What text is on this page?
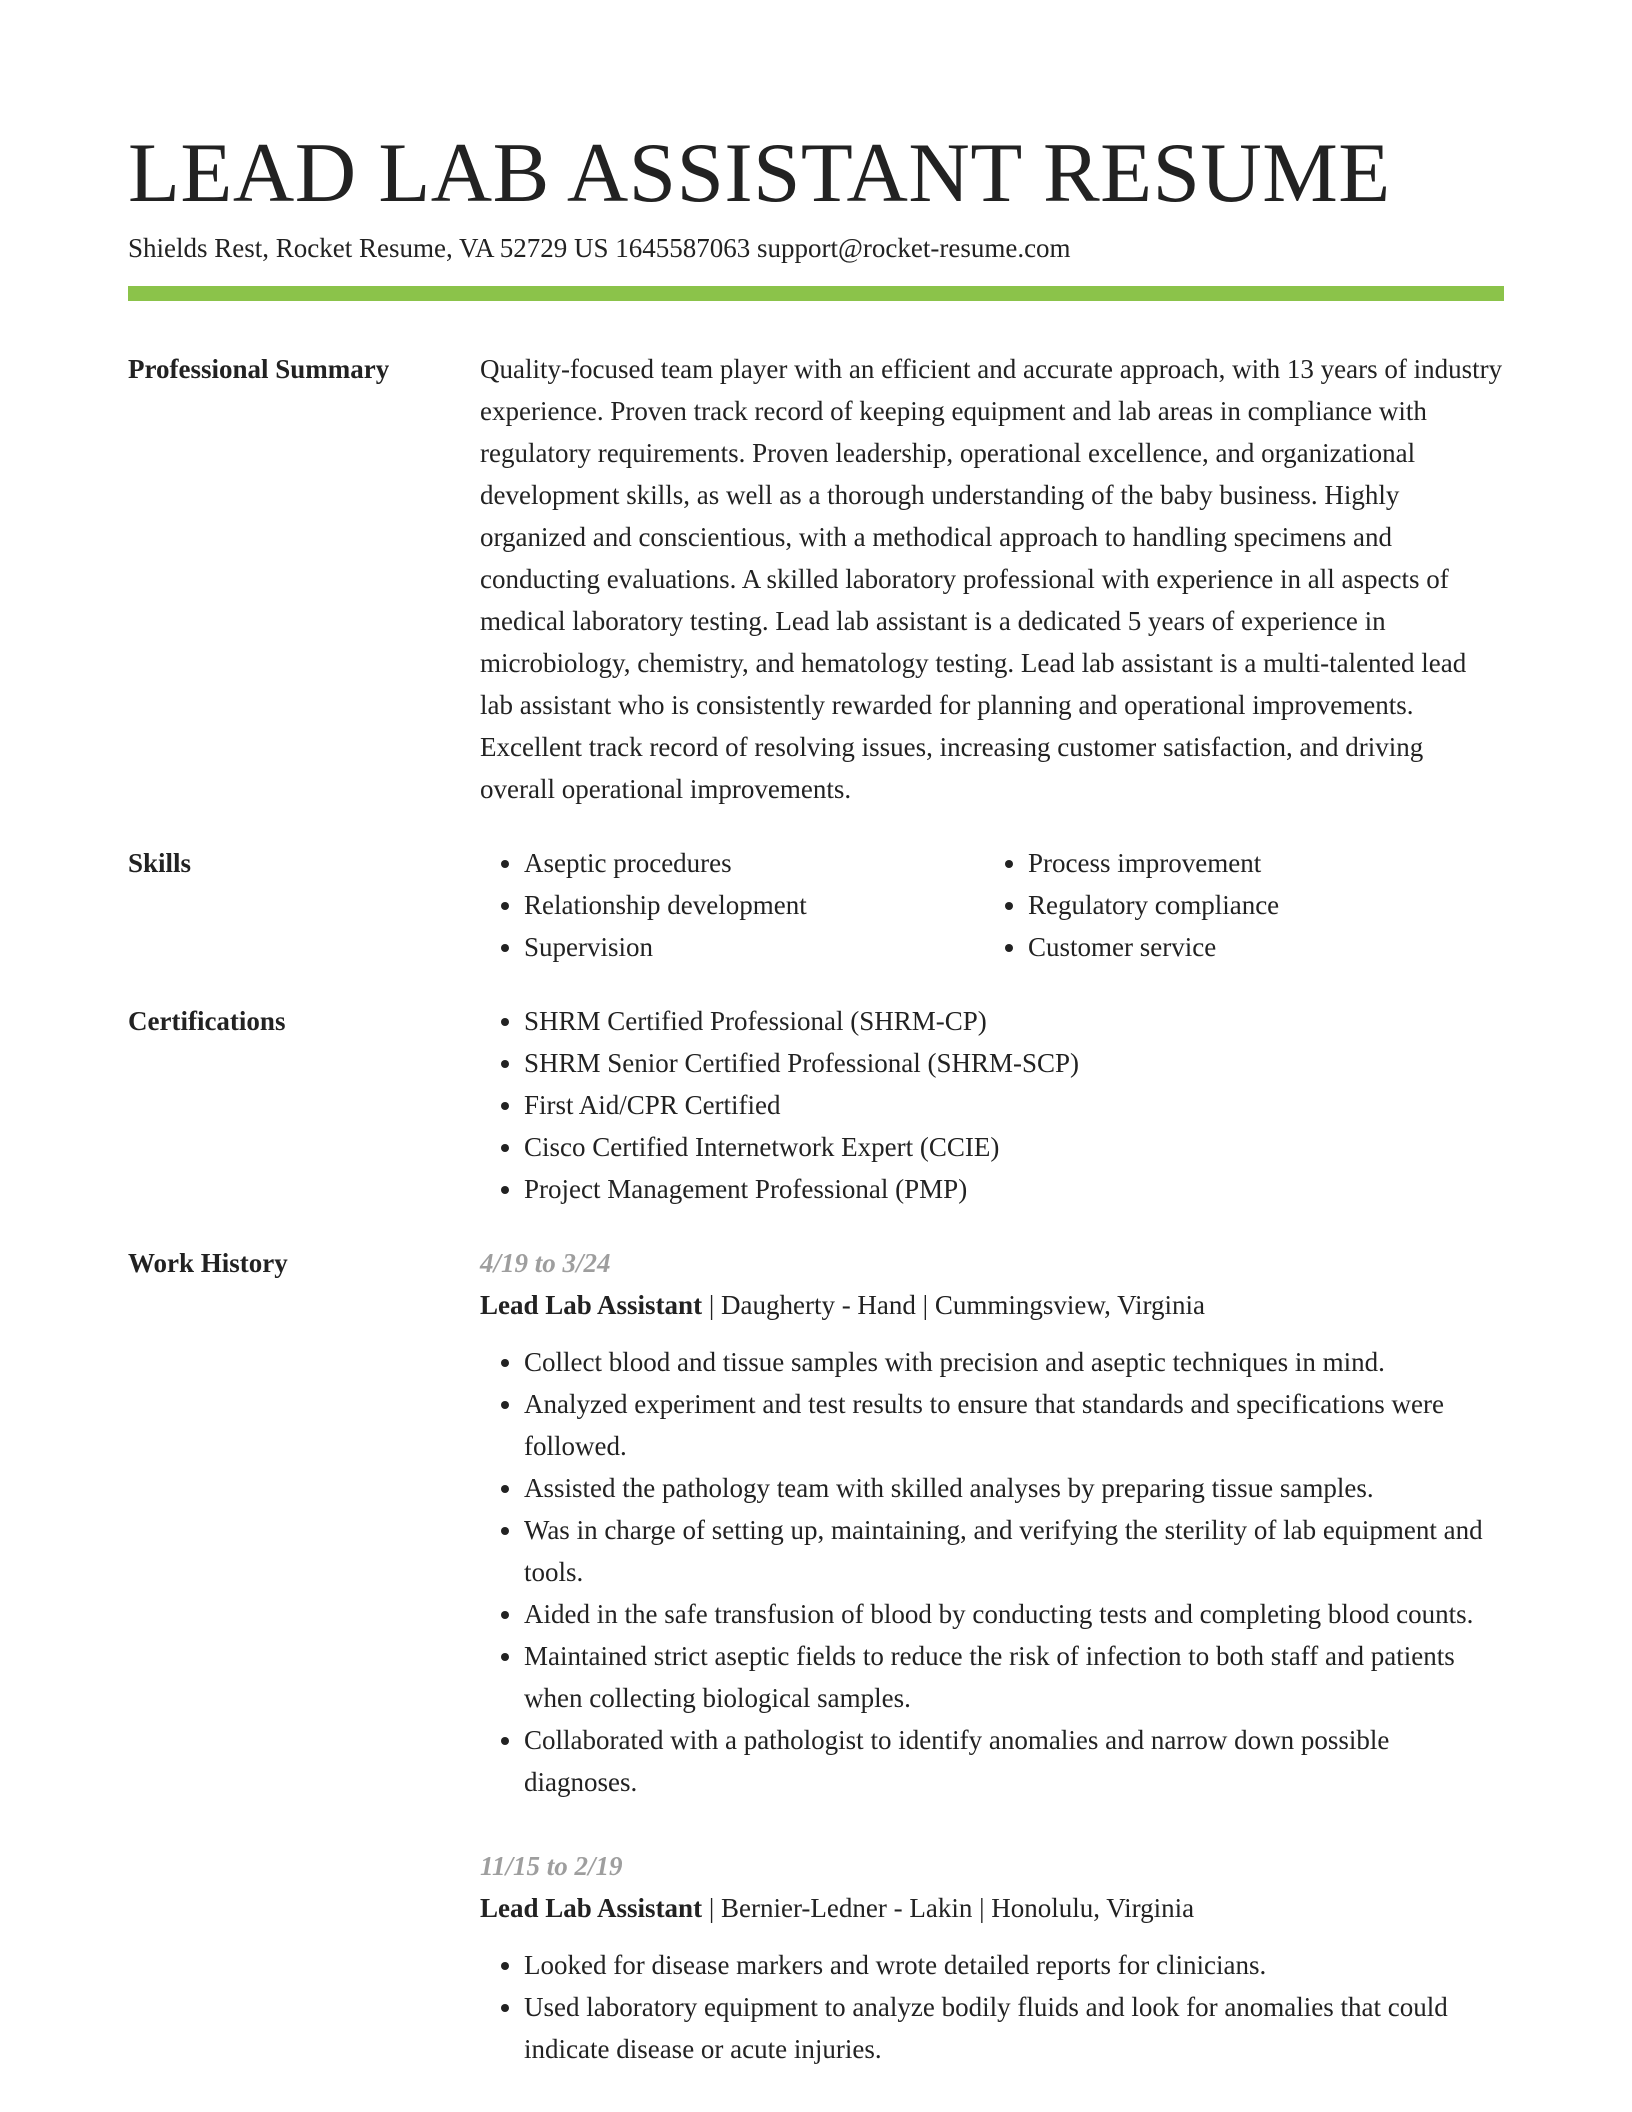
LEAD LAB ASSISTANT RESUME
Shields Rest, Rocket Resume, VA 52729 US 1645587063 support@rocket-resume.com
Professional Summary	Quality-focused team player with an efficient and accurate approach, with 13 years of industry experience. Proven track record of keeping equipment and lab areas in compliance with regulatory requirements. Proven leadership, operational excellence, and organizational development skills, as well as a thorough understanding of the baby business. Highly organized and conscientious, with a methodical approach to handling specimens and conducting evaluations. A skilled laboratory professional with experience in all aspects of medical laboratory testing. Lead lab assistant is a dedicated 5 years of experience in microbiology, chemistry, and hematology testing. Lead lab assistant is a multi-talented lead lab assistant who is consistently rewarded for planning and operational improvements. Excellent track record of resolving issues, increasing customer satisfaction, and driving overall operational improvements.

Skills	• Aseptic procedures
• Relationship development
• Supervision
• Process improvement
• Regulatory compliance
• Customer service
Certifications	• SHRM Certified Professional (SHRM-CP)
• SHRM Senior Certified Professional (SHRM-SCP)
• First Aid/CPR Certified
• Cisco Certified Internetwork Expert (CCIE)
• Project Management Professional (PMP)
Work History	4/19 to 3/24
Lead Lab Assistant | Daugherty - Hand | Cummingsview, Virginia
• Collect blood and tissue samples with precision and aseptic techniques in mind.
• Analyzed experiment and test results to ensure that standards and specifications were followed.
• Assisted the pathology team with skilled analyses by preparing tissue samples.
• Was in charge of setting up, maintaining, and verifying the sterility of lab equipment and tools.
• Aided in the safe transfusion of blood by conducting tests and completing blood counts.
• Maintained strict aseptic fields to reduce the risk of infection to both staff and patients when collecting biological samples.
• Collaborated with a pathologist to identify anomalies and narrow down possible diagnoses.
11/15 to 2/19
Lead Lab Assistant | Bernier-Ledner - Lakin | Honolulu, Virginia
• Looked for disease markers and wrote detailed reports for clinicians.
• Used laboratory equipment to analyze bodily fluids and look for anomalies that could indicate disease or acute injuries.
